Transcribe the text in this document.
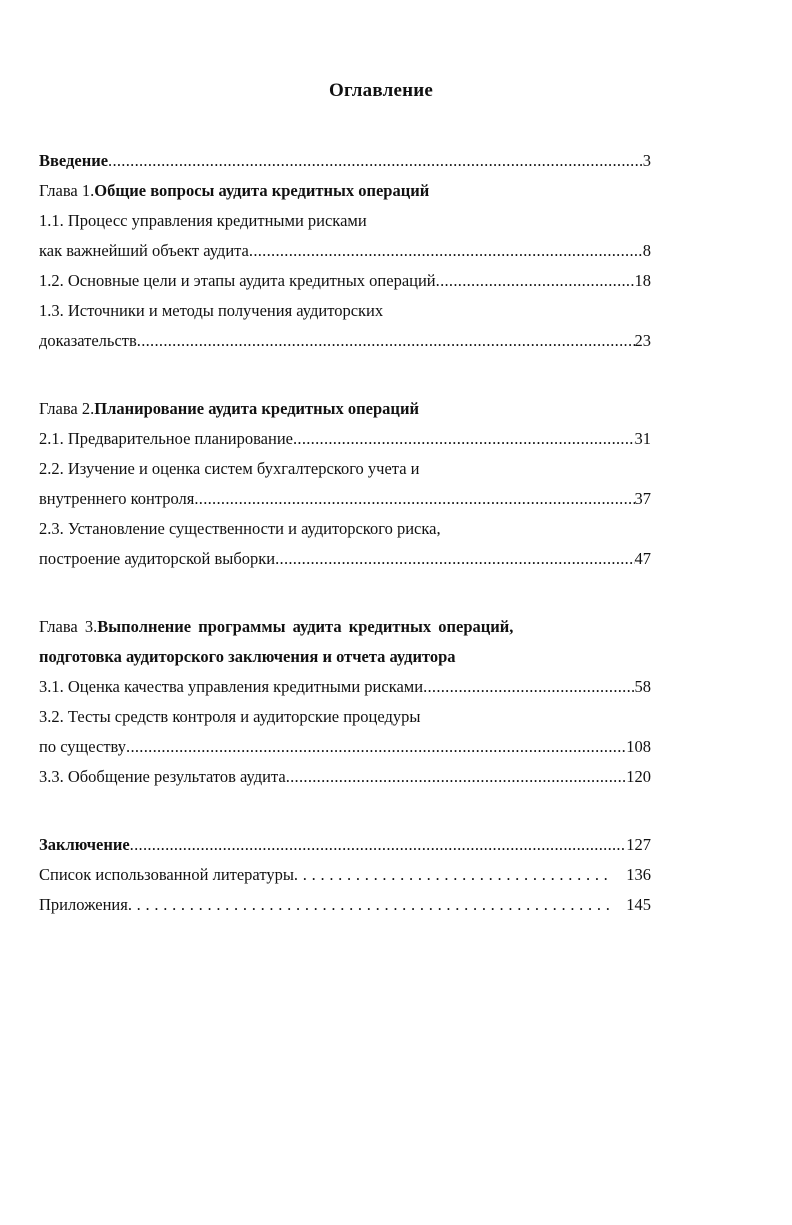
Оглавление
Введение .....	3
Глава 1. Общие вопросы аудита кредитных операций
1.1. Процесс управления кредитными рисками
как важнейший объект аудита .....	8
1.2. Основные цели и этапы аудита кредитных операций .....	18
1.3. Источники и методы получения аудиторских
доказательств .....	23
Глава 2. Планирование аудита кредитных операций
2.1. Предварительное планирование .....	31
2.2. Изучение и оценка систем бухгалтерского учета и
внутреннего контроля .....	37
2.3. Установление существенности и аудиторского риска,
построение аудиторской выборки .....	47
Глава 3. Выполнение программы аудита кредитных операций,
подготовка аудиторского заключения и отчета аудитора
3.1. Оценка качества управления кредитными рисками .....	58
3.2. Тесты средств контроля и аудиторские процедуры
по существу .....	108
3.3. Обобщение результатов аудита .....	120
Заключение .....	127
Список использованной литературы . . .	136
Приложения . . .	145
